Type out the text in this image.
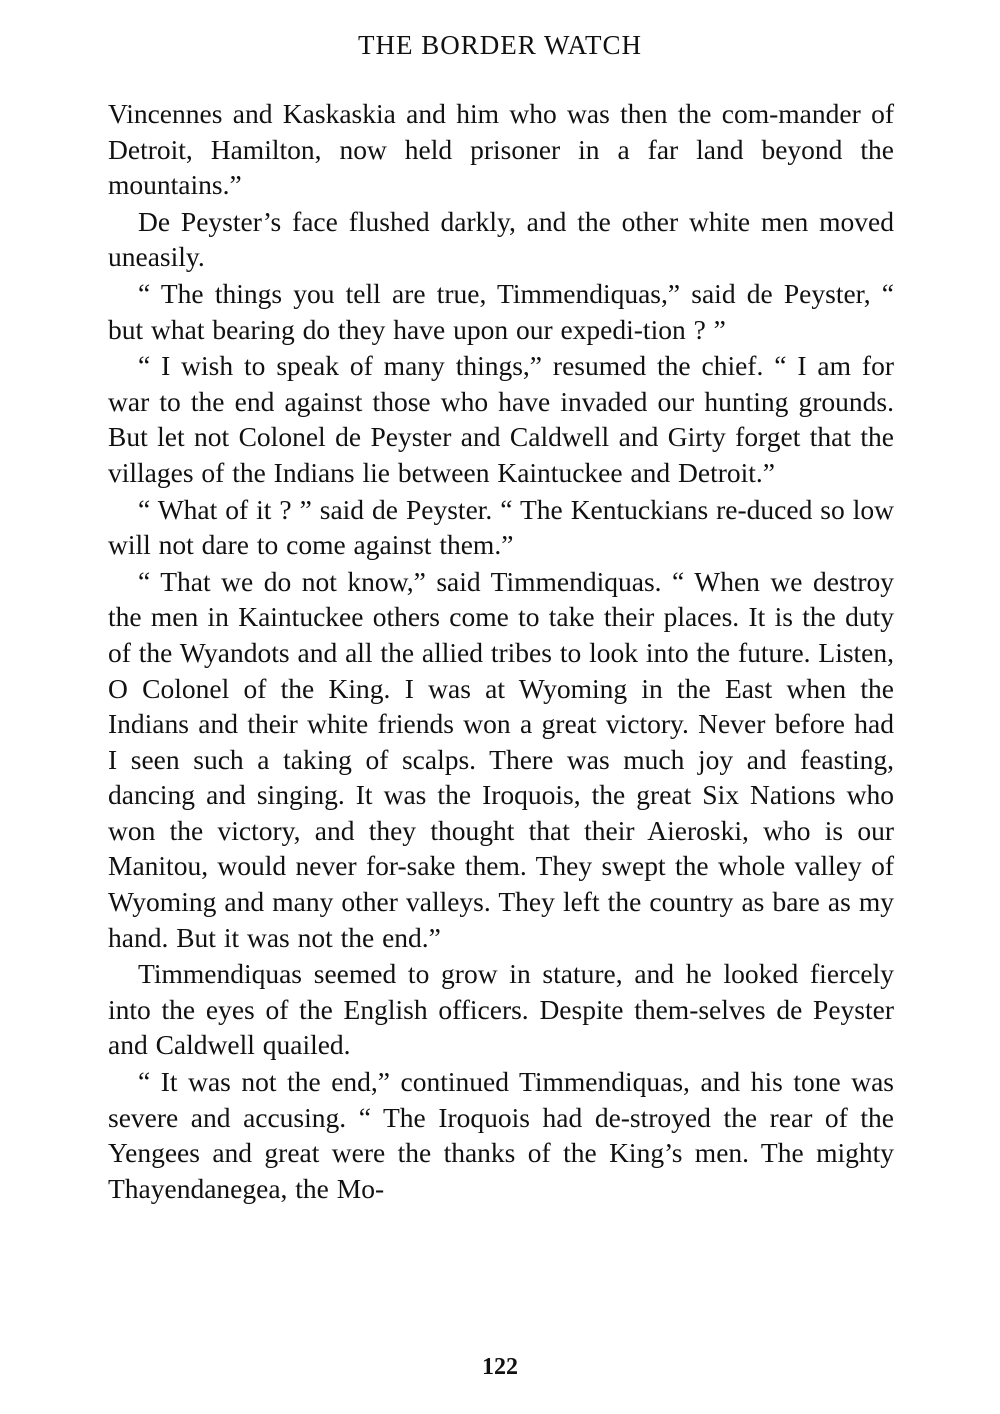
THE BORDER WATCH

Vincennes and Kaskaskia and him who was then the com-mander of Detroit, Hamilton, now held prisoner in a far land beyond the mountains.”

De Peyster’s face flushed darkly, and the other white men moved uneasily.

“ The things you tell are true, Timmendiquas,” said de Peyster, “ but what bearing do they have upon our expedi-tion ? ”

“ I wish to speak of many things,” resumed the chief. “ I am for war to the end against those who have invaded our hunting grounds. But let not Colonel de Peyster and Caldwell and Girty forget that the villages of the Indians lie between Kaintuckee and Detroit.”

“ What of it ? ” said de Peyster. “ The Kentuckians re-duced so low will not dare to come against them.”

“ That we do not know,” said Timmendiquas. “ When we destroy the men in Kaintuckee others come to take their places. It is the duty of the Wyandots and all the allied tribes to look into the future. Listen, O Colonel of the King. I was at Wyoming in the East when the Indians and their white friends won a great victory. Never before had I seen such a taking of scalps. There was much joy and feasting, dancing and singing. It was the Iroquois, the great Six Nations who won the victory, and they thought that their Aieroski, who is our Manitou, would never for-sake them. They swept the whole valley of Wyoming and many other valleys. They left the country as bare as my hand. But it was not the end.”

Timmendiquas seemed to grow in stature, and he looked fiercely into the eyes of the English officers. Despite them-selves de Peyster and Caldwell quailed.

“ It was not the end,” continued Timmendiquas, and his tone was severe and accusing. “ The Iroquois had de-stroyed the rear of the Yengees and great were the thanks of the King’s men. The mighty Thayendanegea, the Mo-

122
